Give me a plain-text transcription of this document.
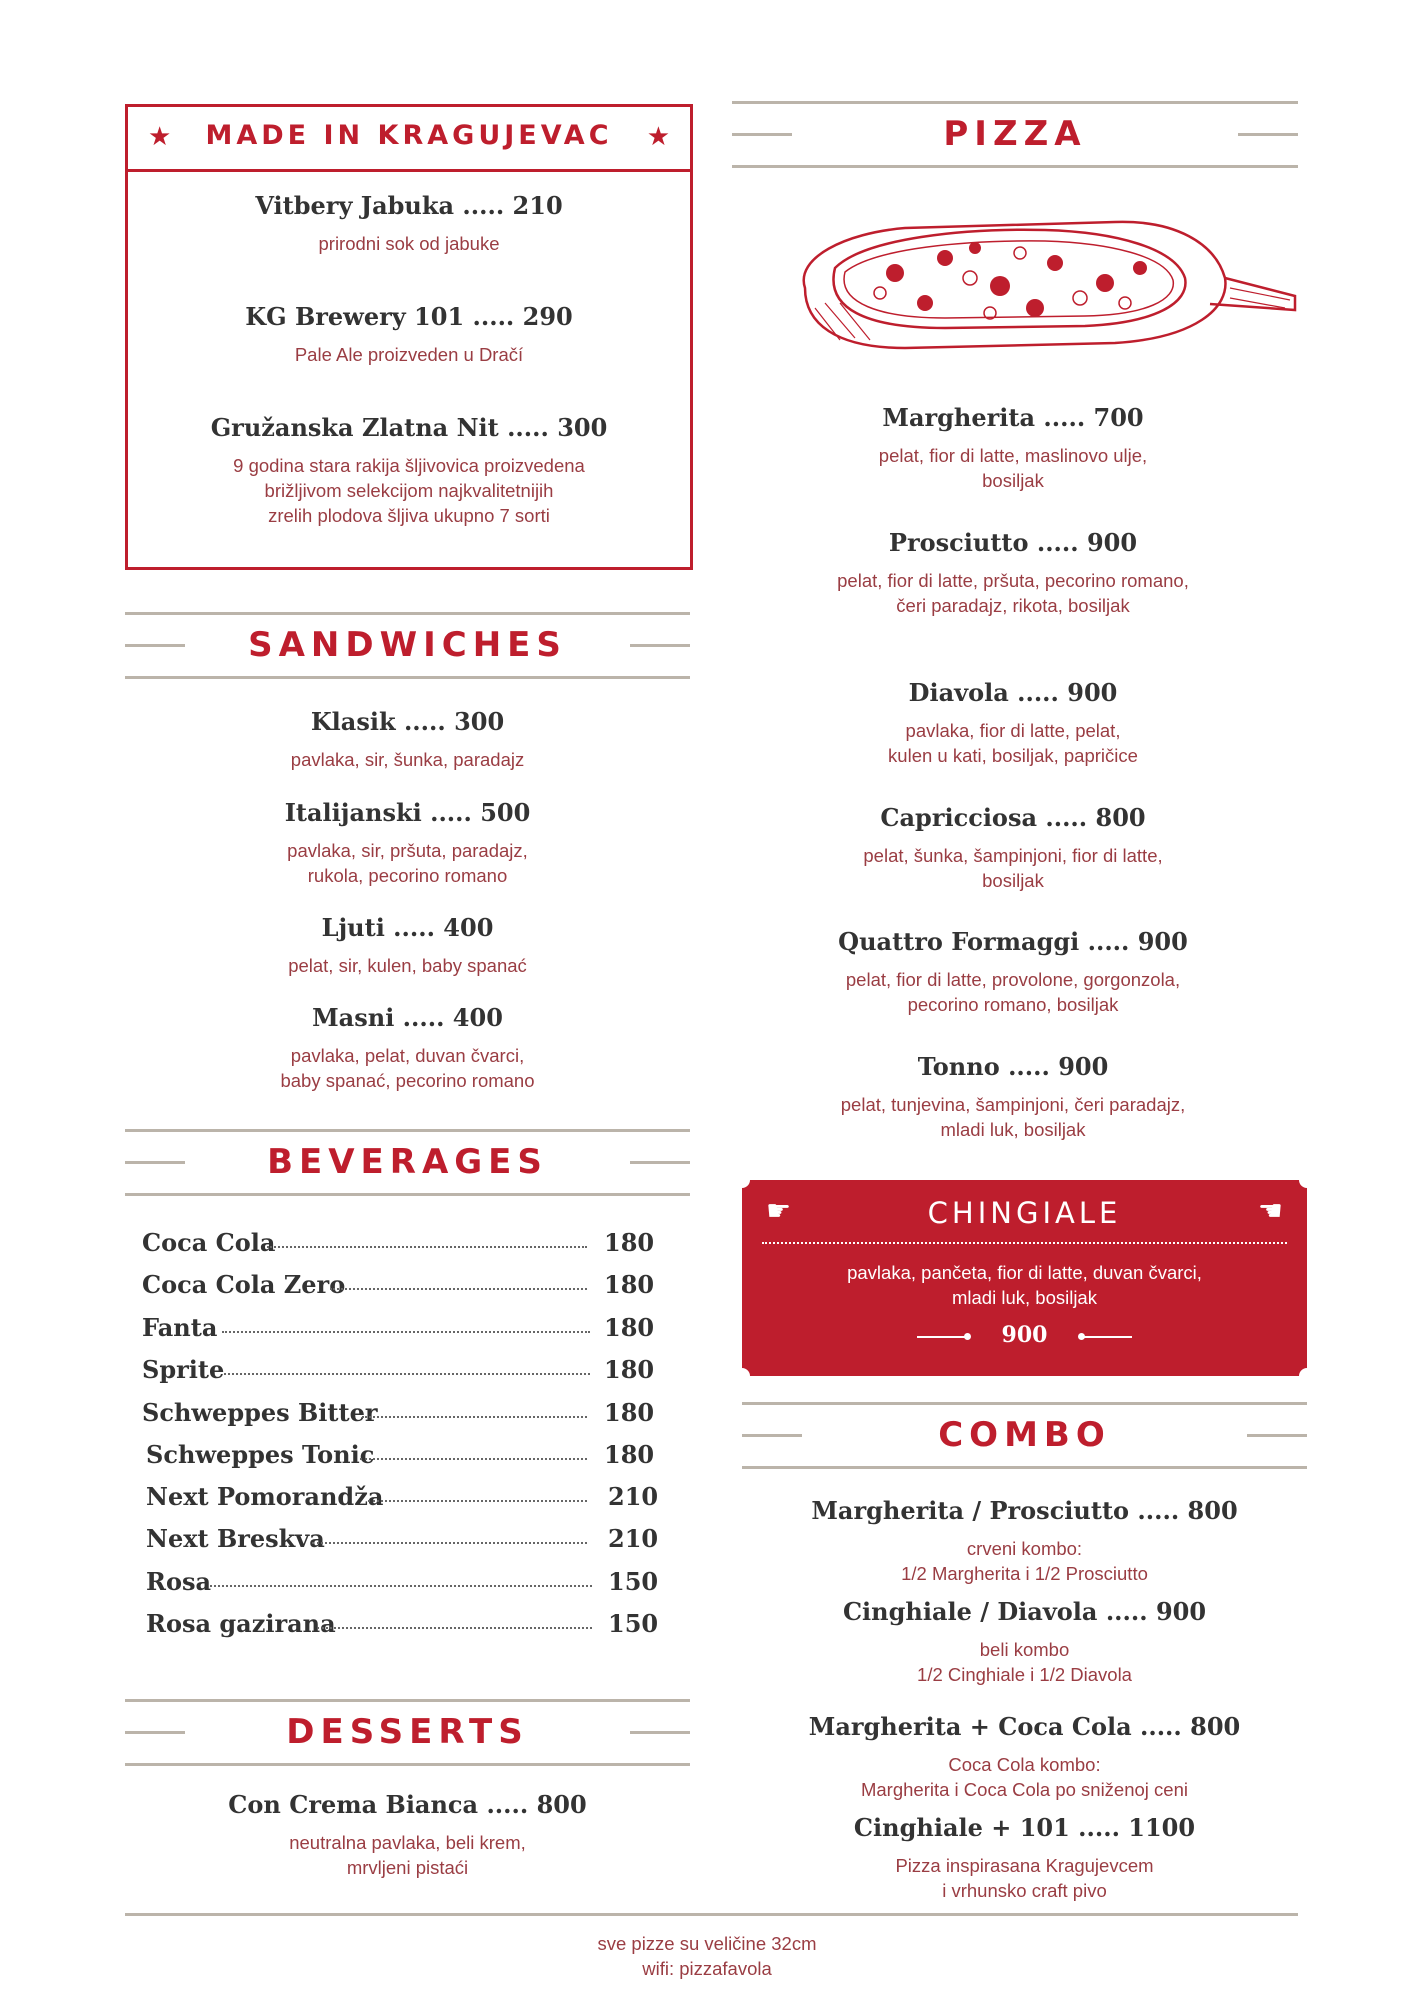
★	MADE IN KRAGUJEVAC	★
Vitbery Jabuka ..... 210
prirodni sok od jabuke
KG Brewery 101 ..... 290
Pale Ale proizveden u Dračí
Gružanska Zlatna Nit ..... 300
9 godina stara rakija šljivovica proizvedena
brižljivom selekcijom najkvalitetnijih
zrelih plodova šljiva ukupno 7 sorti
SANDWICHES
Klasik ..... 300
pavlaka, sir, šunka, paradajz
Italijanski ..... 500
pavlaka, sir, pršuta, paradajz,
rukola, pecorino romano
Ljuti ..... 400
pelat, sir, kulen, baby spanać
Masni ..... 400
pavlaka, pelat, duvan čvarci,
baby spanać, pecorino romano
BEVERAGES
Coca Cola	180
Coca Cola Zero	180
Fanta	180
Sprite	180
Schweppes Bitter	180
Schweppes Tonic	180
Next Pomorandža	210
Next Breskva	210
Rosa	150
Rosa gazirana	150
DESSERTS
Con Crema Bianca ..... 800
neutralna pavlaka, beli krem,
mrvljeni pistaći
PIZZA
Margherita ..... 700
pelat, fior di latte, maslinovo ulje,
bosiljak
Prosciutto ..... 900
pelat, fior di latte, pršuta, pecorino romano,
čeri paradajz, rikota, bosiljak
Diavola ..... 900
pavlaka, fior di latte, pelat,
kulen u kati, bosiljak, papričice
Capricciosa ..... 800
pelat, šunka, šampinjoni, fior di latte,
bosiljak
Quattro Formaggi ..... 900
pelat, fior di latte, provolone, gorgonzola,
pecorino romano, bosiljak
Tonno ..... 900
pelat, tunjevina, šampinjoni, čeri paradajz,
mladi luk, bosiljak
☛	☚
CHINGIALE
pavlaka, pančeta, fior di latte, duvan čvarci,
mladi luk, bosiljak
900
COMBO
Margherita / Prosciutto ..... 800
crveni kombo:
1/2 Margherita i 1/2 Prosciutto
Cinghiale / Diavola ..... 900
beli kombo
1/2 Cinghiale i 1/2 Diavola
Margherita + Coca Cola ..... 800
Coca Cola kombo:
Margherita i Coca Cola po sniženoj ceni
Cinghiale + 101 ..... 1100
Pizza inspirasana Kragujevcem
i vrhunsko craft pivo
sve pizze su veličine 32cm
wifi: pizzafavola
